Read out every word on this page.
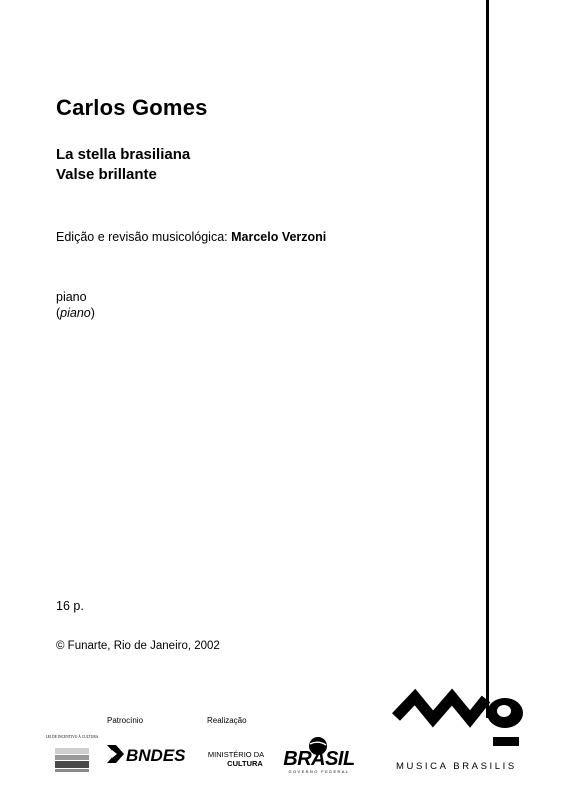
Carlos Gomes
La stella brasiliana
Valse brillante
Edição e revisão musicológica: Marcelo Verzoni
piano
(piano)
16 p.
© Funarte, Rio de Janeiro, 2002
Patrocínio	Realização
LEI DE INCENTIVO À CULTURA
BNDES	MINISTÉRIO DA
CULTURA BRASIL
GOVERNO FEDERAL	MUSICA BRASILIS
